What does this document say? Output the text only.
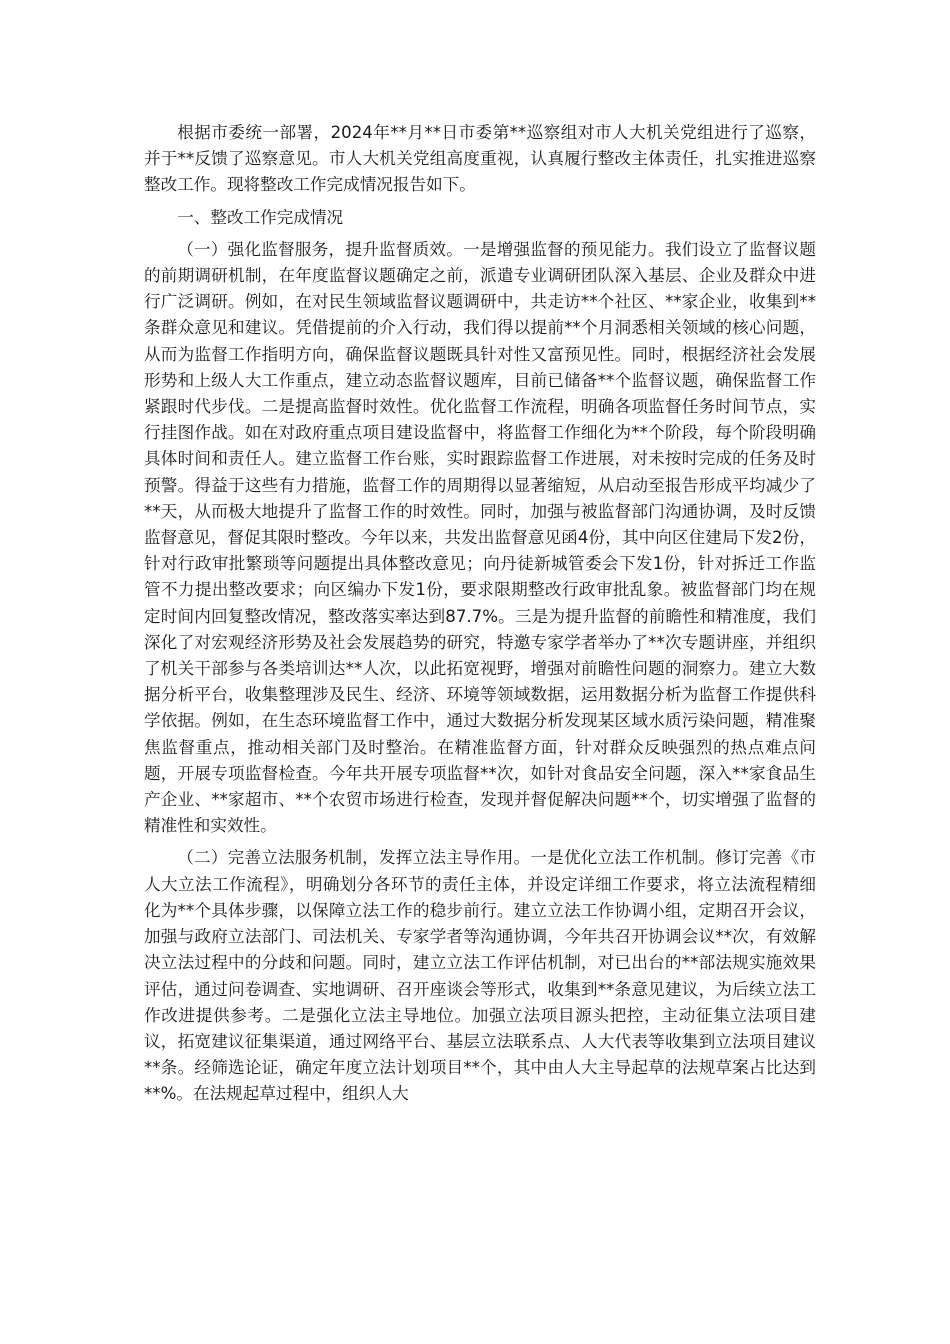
根据市委统一部署，2024年**月**日市委第**巡察组对市人大机关党组进行了巡察，并于**反馈了巡察意见。市人大机关党组高度重视，认真履行整改主体责任，扎实推进巡察整改工作。现将整改工作完成情况报告如下。

一、整改工作完成情况

（一）强化监督服务，提升监督质效。一是增强监督的预见能力。我们设立了监督议题的前期调研机制，在年度监督议题确定之前，派遣专业调研团队深入基层、企业及群众中进行广泛调研。例如，在对民生领域监督议题调研中，共走访**个社区、**家企业，收集到**条群众意见和建议。凭借提前的介入行动，我们得以提前**个月洞悉相关领域的核心问题，从而为监督工作指明方向，确保监督议题既具针对性又富预见性。同时，根据经济社会发展形势和上级人大工作重点，建立动态监督议题库，目前已储备**个监督议题，确保监督工作紧跟时代步伐。二是提高监督时效性。优化监督工作流程，明确各项监督任务时间节点，实行挂图作战。如在对政府重点项目建设监督中，将监督工作细化为**个阶段，每个阶段明确具体时间和责任人。建立监督工作台账，实时跟踪监督工作进展，对未按时完成的任务及时预警。得益于这些有力措施，监督工作的周期得以显著缩短，从启动至报告形成平均减少了**天，从而极大地提升了监督工作的时效性。同时，加强与被监督部门沟通协调，及时反馈监督意见，督促其限时整改。今年以来，共发出监督意见函4份，其中向区住建局下发2份，针对行政审批繁琐等问题提出具体整改意见；向丹徒新城管委会下发1份，针对拆迁工作监管不力提出整改要求；向区编办下发1份，要求限期整改行政审批乱象。被监督部门均在规定时间内回复整改情况，整改落实率达到87.7%。三是为提升监督的前瞻性和精准度，我们深化了对宏观经济形势及社会发展趋势的研究，特邀专家学者举办了**次专题讲座，并组织了机关干部参与各类培训达**人次，以此拓宽视野，增强对前瞻性问题的洞察力。建立大数据分析平台，收集整理涉及民生、经济、环境等领域数据，运用数据分析为监督工作提供科学依据。例如，在生态环境监督工作中，通过大数据分析发现某区域水质污染问题，精准聚焦监督重点，推动相关部门及时整治。在精准监督方面，针对群众反映强烈的热点难点问题，开展专项监督检查。今年共开展专项监督**次，如针对食品安全问题，深入**家食品生产企业、**家超市、**个农贸市场进行检查，发现并督促解决问题**个，切实增强了监督的精准性和实效性。

（二）完善立法服务机制，发挥立法主导作用。一是优化立法工作机制。修订完善《市人大立法工作流程》，明确划分各环节的责任主体，并设定详细工作要求，将立法流程精细化为**个具体步骤，以保障立法工作的稳步前行。建立立法工作协调小组，定期召开会议，加强与政府立法部门、司法机关、专家学者等沟通协调，今年共召开协调会议**次，有效解决立法过程中的分歧和问题。同时，建立立法工作评估机制，对已出台的**部法规实施效果评估，通过问卷调查、实地调研、召开座谈会等形式，收集到**条意见建议，为后续立法工作改进提供参考。二是强化立法主导地位。加强立法项目源头把控，主动征集立法项目建议，拓宽建议征集渠道，通过网络平台、基层立法联系点、人大代表等收集到立法项目建议**条。经筛选论证，确定年度立法计划项目**个，其中由人大主导起草的法规草案占比达到**%。在法规起草过程中，组织人大
